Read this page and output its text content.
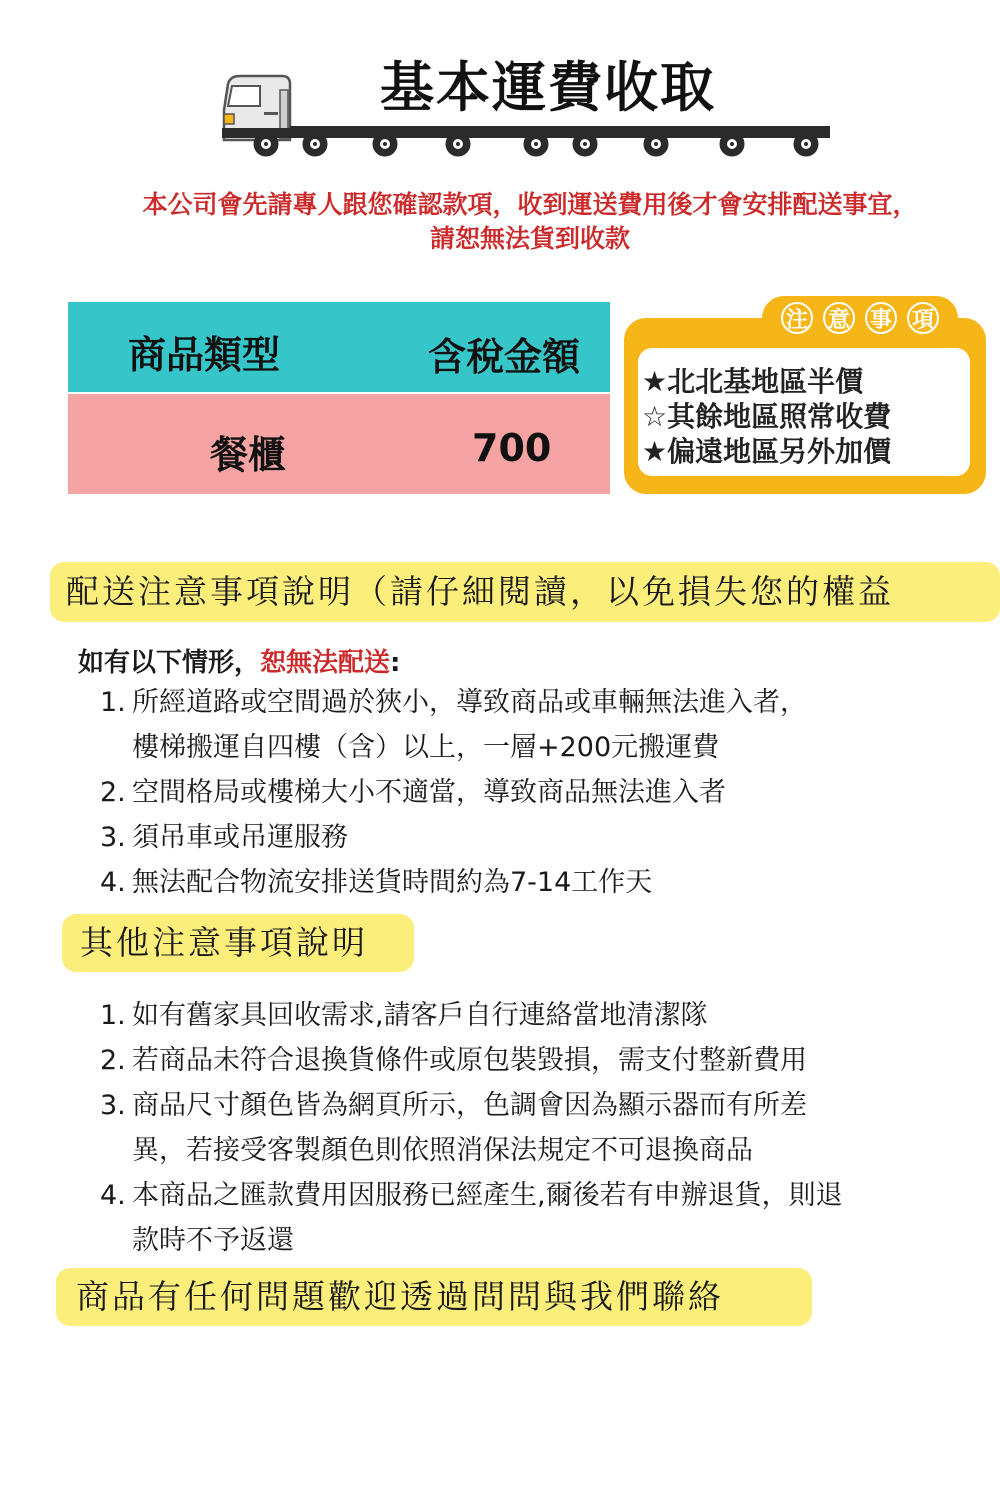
基本運費收取
本公司會先請專人跟您確認款項，收到運送費用後才會安排配送事宜，
請恕無法貨到收款
商品類型	含稅金額
餐櫃	700
注 意 事 項
★北北基地區半價
☆其餘地區照常收費
★偏遠地區另外加價
配送注意事項說明（請仔細閱讀，以免損失您的權益
如有以下情形，恕無法配送:
1. 所經道路或空間過於狹小，導致商品或車輛無法進入者，
樓梯搬運自四樓（含）以上，一層+200元搬運費
2. 空間格局或樓梯大小不適當，導致商品無法進入者
3. 須吊車或吊運服務
4. 無法配合物流安排送貨時間約為7-14工作天
其他注意事項說明
1. 如有舊家具回收需求,請客戶自行連絡當地清潔隊
2. 若商品未符合退換貨條件或原包裝毀損，需支付整新費用
3. 商品尺寸顏色皆為網頁所示，色調會因為顯示器而有所差
異，若接受客製顏色則依照消保法規定不可退換商品
4. 本商品之匯款費用因服務已經產生,爾後若有申辦退貨，則退
款時不予返還
商品有任何問題歡迎透過問問與我們聯絡
